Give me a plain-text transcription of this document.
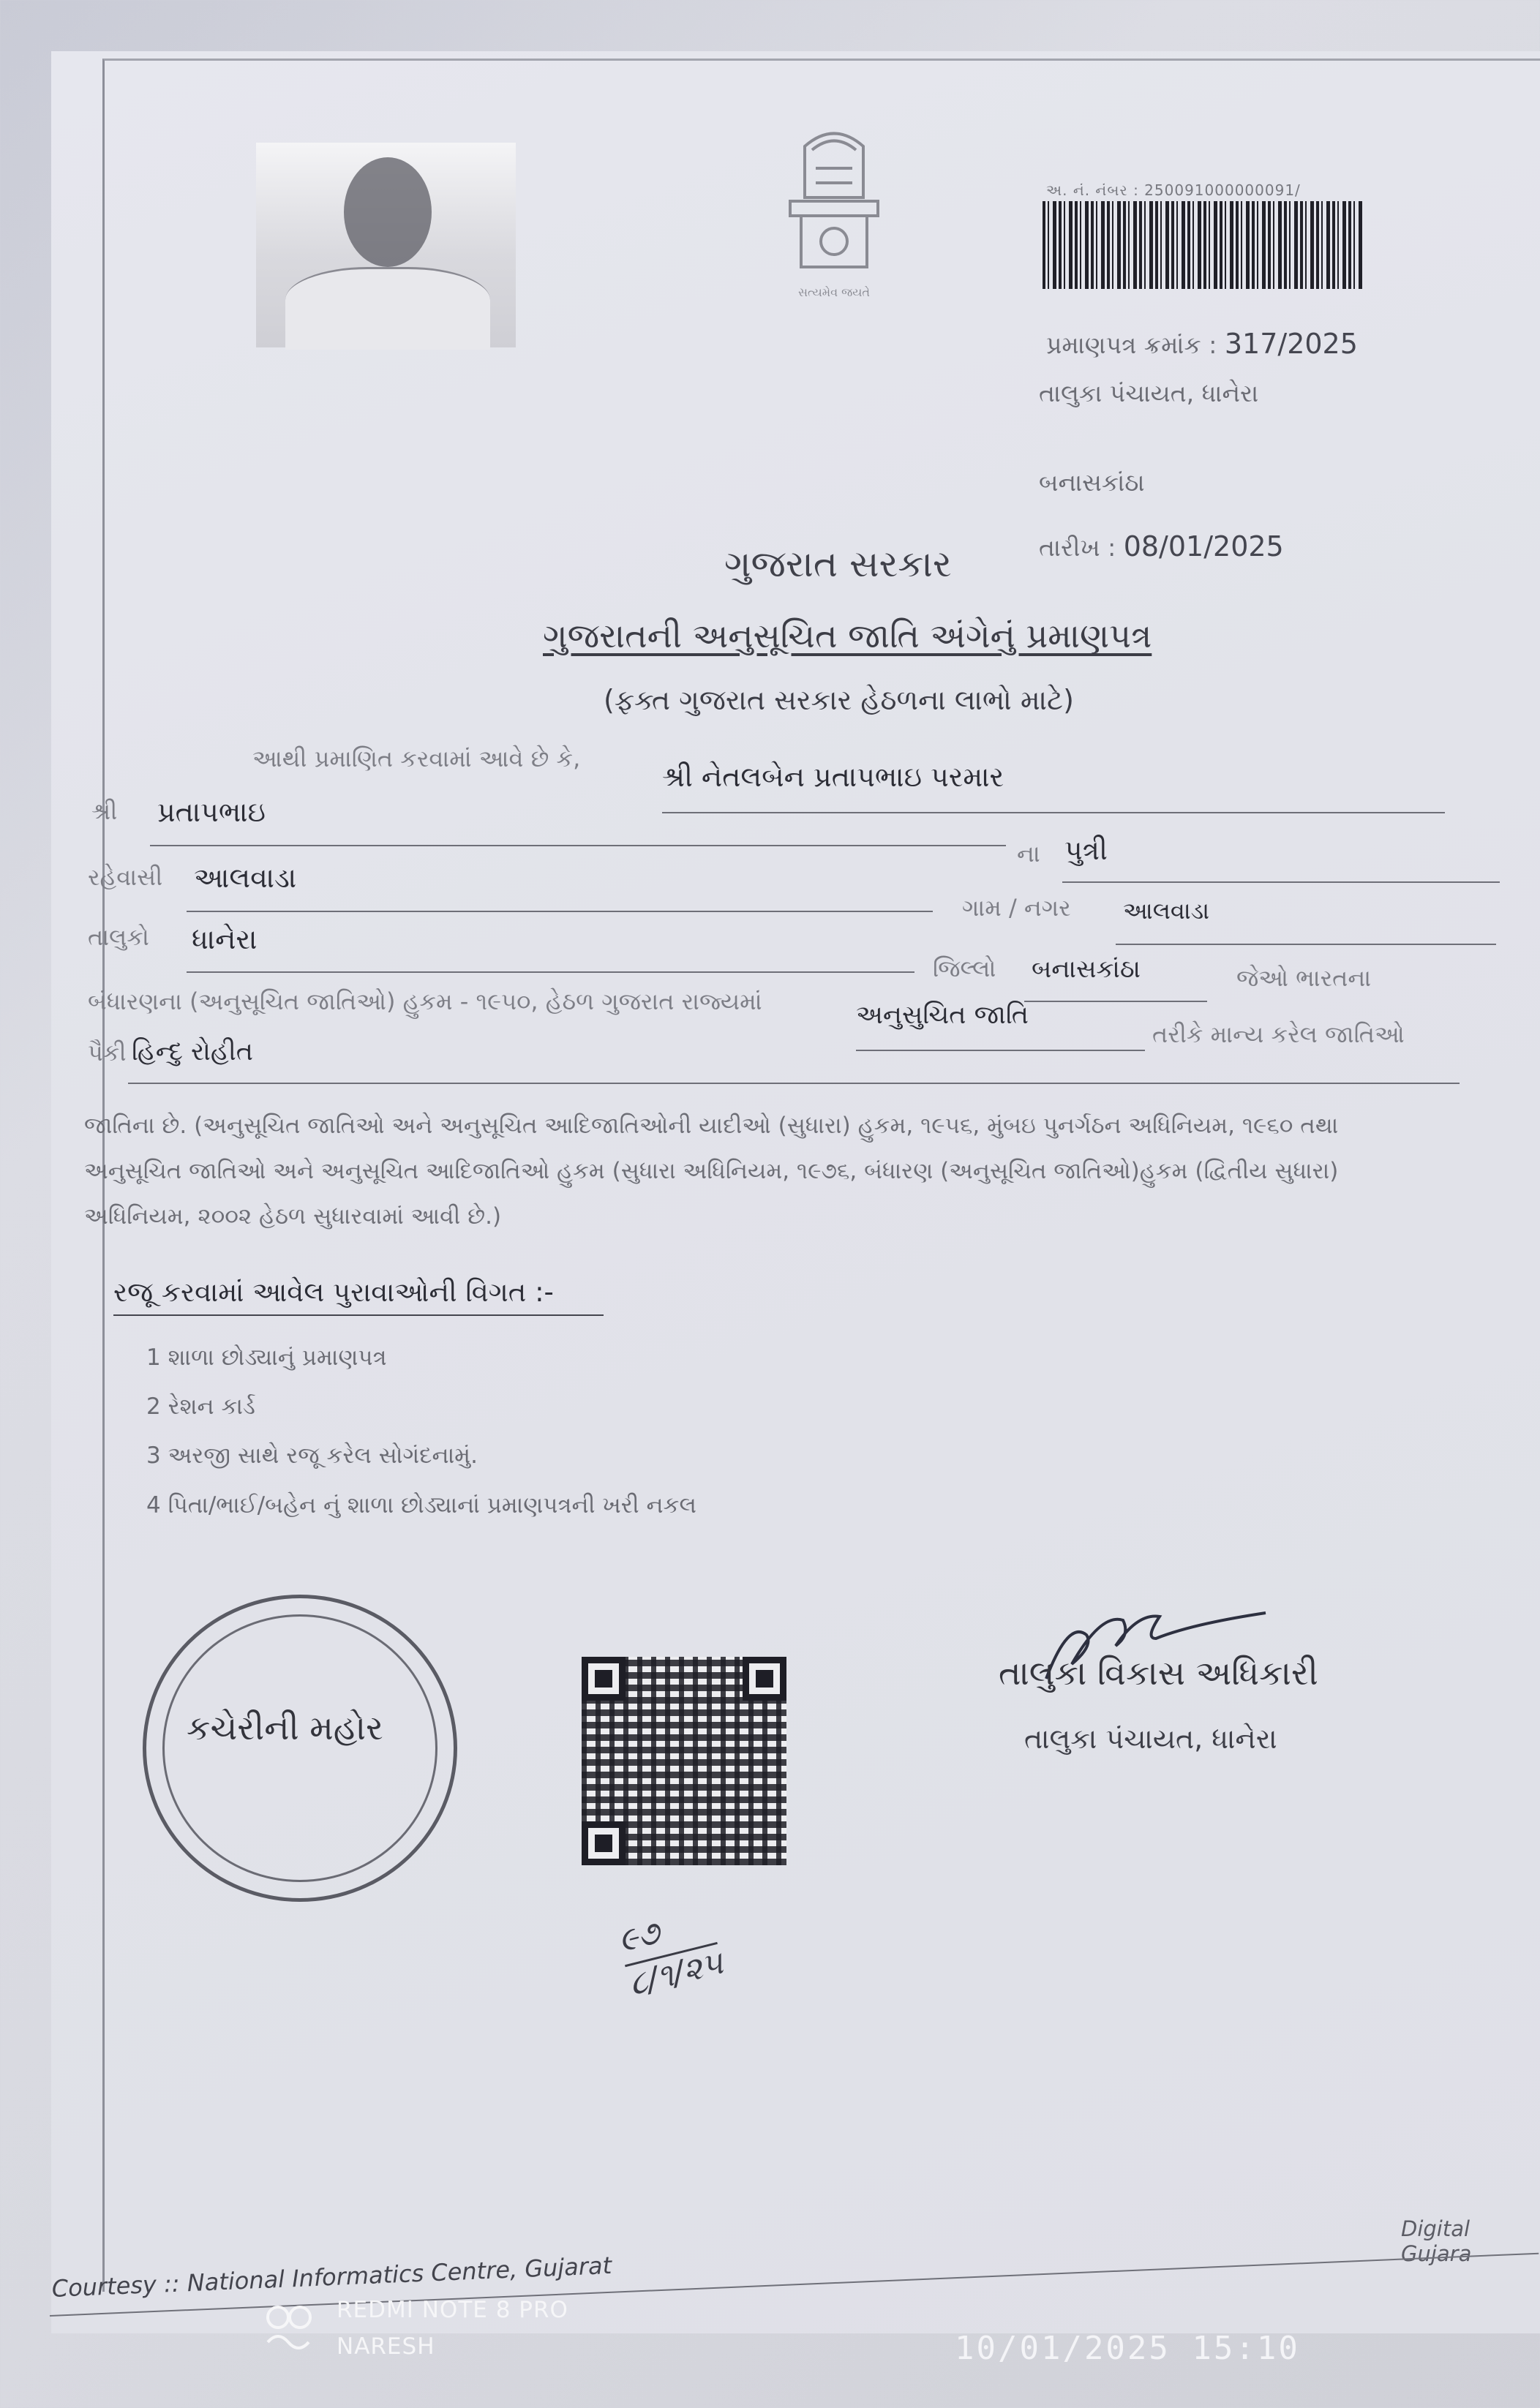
સત્યમેવ જયતે
અ. નં. નંબર : 250091000000091/
પ્રમાણપત્ર ક્રમાંક : 317/2025
તાલુકા પંચાયત, ધાનેરા
બનાસકાંઠા
તારીખ : 08/01/2025
ગુજરાત સરકાર
ગુજરાતની અનુસૂચિત જાતિ અંગેનું પ્રમાણપત્ર
(ફક્ત ગુજરાત સરકાર હેઠળના લાભો માટે)
આથી પ્રમાણિત કરવામાં આવે છે કે,
શ્રી નેતલબેન પ્રતાપભાઇ પરમાર
શ્રી પ્રતાપભાઇ
ના પુત્રી
રહેવાસી આલવાડા
ગામ / નગર આલવાડા
તાલુકો ધાનેરા
જિલ્લો બનાસકાંઠા	જેઓ ભારતના
બંધારણના (અનુસૂચિત જાતિઓ) હુકમ - ૧૯૫૦, હેઠળ ગુજરાત રાજ્યમાં	અનુસુચિત જાતિ
તરીકે માન્ય કરેલ જાતિઓ
પૈકી હિન્દુ રોહીત
જાતિના છે. (અનુસૂચિત જાતિઓ અને અનુસૂચિત આદિજાતિઓની યાદીઓ (સુધારા) હુકમ, ૧૯૫૬, મુંબઇ પુનર્ગઠન અધિનિયમ, ૧૯૬૦ તથા
અનુસૂચિત જાતિઓ અને અનુસૂચિત આદિજાતિઓ હુકમ (સુધારા અધિનિયમ, ૧૯૭૬, બંધારણ (અનુસૂચિત જાતિઓ)હુકમ (દ્વિતીય સુધારા)
અધિનિયમ, ૨૦૦૨ હેઠળ સુધારવામાં આવી છે.)
રજૂ કરવામાં આવેલ પુરાવાઓની વિગત :-
1 શાળા છોડ્યાનું પ્રમાણપત્ર
2 રેશન કાર્ડ
3 અરજી સાથે રજૂ કરેલ સોગંદનામું.
4 પિતા/ભાઈ/બહેન નું શાળા છોડ્યાનાં પ્રમાણપત્રની ખરી નકલ
કચેરીની મહોર
તાલુકા વિકાસ અધિકારી
તાલુકા પંચાયત, ધાનેરા
૯૭
૮/૧/૨૫
Digital Gujara
Courtesy :: National Informatics Centre, Gujarat
REDMI NOTE 8 PRO
NARESH	10/01/2025 15:10
